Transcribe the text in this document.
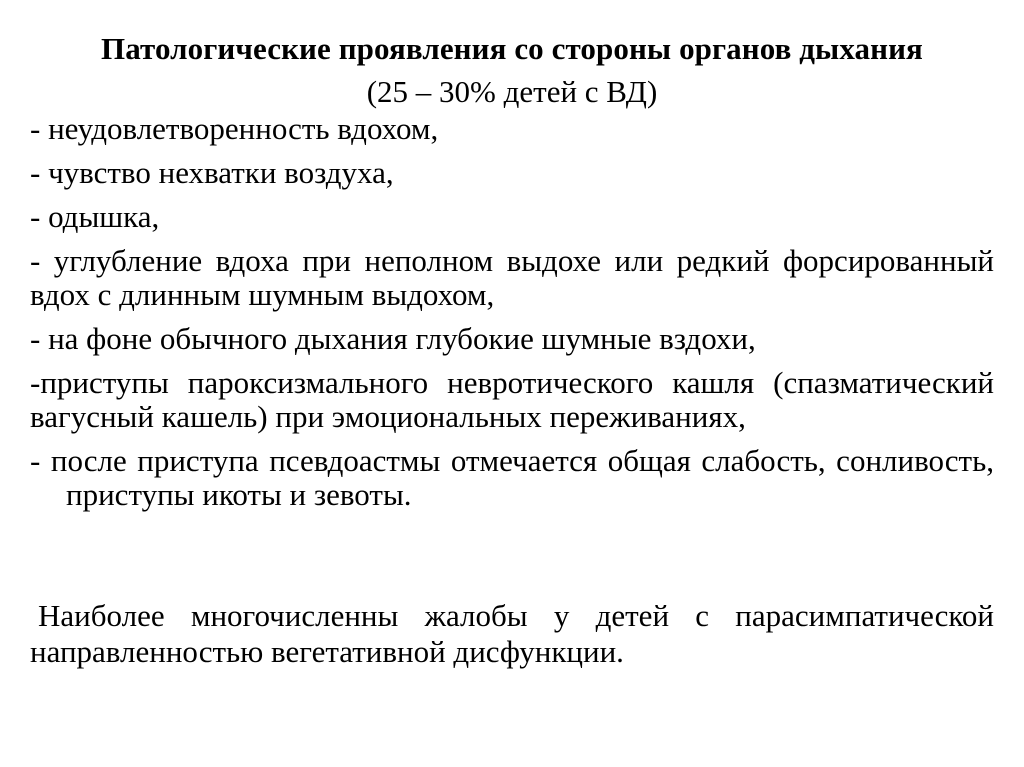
Патологические проявления со стороны органов дыхания

(25 – 30% детей с ВД)

- неудовлетворенность вдохом,
- чувство нехватки воздуха,
- одышка,
- углубление вдоха при неполном выдохе или редкий форсированный вдох с длинным шумным выдохом,
- на фоне обычного дыхания глубокие шумные вздохи,
-приступы пароксизмального невротического кашля (спазматический вагусный кашель) при эмоциональных переживаниях,
- после приступа псевдоастмы отмечается общая слабость, сонливость, приступы икоты и зевоты.

Наиболее многочисленны жалобы у детей с парасимпатической направленностью вегетативной дисфункции.
